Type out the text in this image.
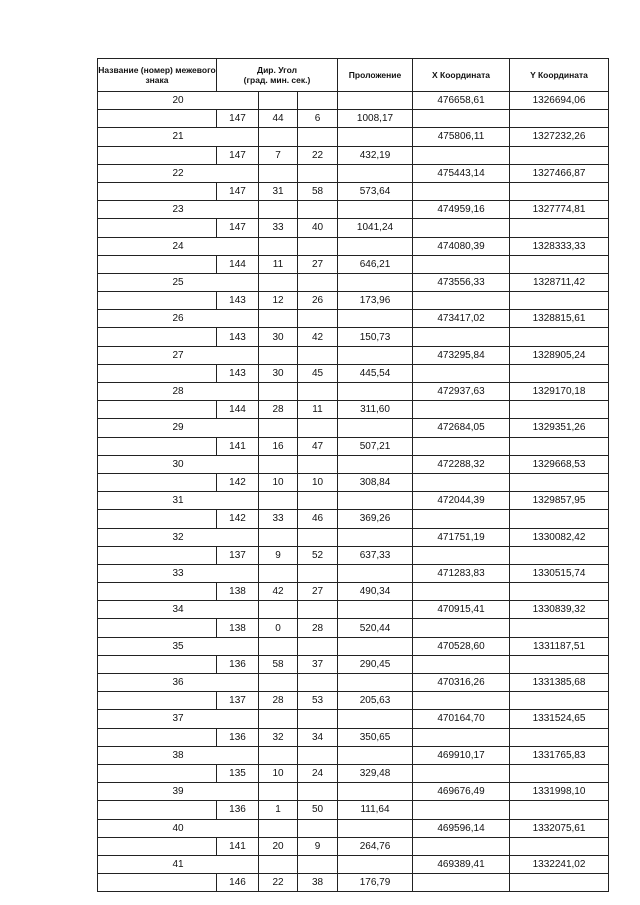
Название (номер) межевого знака	Дир. Угол
(град. мин. сек.)			Проложение	X Координата	Y Координата
20					476658,61	1326694,06
	147	44	6	1008,17		
21					475806,11	1327232,26
	147	7	22	432,19		
22					475443,14	1327466,87
	147	31	58	573,64		
23					474959,16	1327774,81
	147	33	40	1041,24		
24					474080,39	1328333,33
	144	11	27	646,21		
25					473556,33	1328711,42
	143	12	26	173,96		
26					473417,02	1328815,61
	143	30	42	150,73		
27					473295,84	1328905,24
	143	30	45	445,54		
28					472937,63	1329170,18
	144	28	11	311,60		
29					472684,05	1329351,26
	141	16	47	507,21		
30					472288,32	1329668,53
	142	10	10	308,84		
31					472044,39	1329857,95
	142	33	46	369,26		
32					471751,19	1330082,42
	137	9	52	637,33		
33					471283,83	1330515,74
	138	42	27	490,34		
34					470915,41	1330839,32
	138	0	28	520,44		
35					470528,60	1331187,51
	136	58	37	290,45		
36					470316,26	1331385,68
	137	28	53	205,63		
37					470164,70	1331524,65
	136	32	34	350,65		
38					469910,17	1331765,83
	135	10	24	329,48		
39					469676,49	1331998,10
	136	1	50	111,64		
40					469596,14	1332075,61
	141	20	9	264,76		
41					469389,41	1332241,02
	146	22	38	176,79		
